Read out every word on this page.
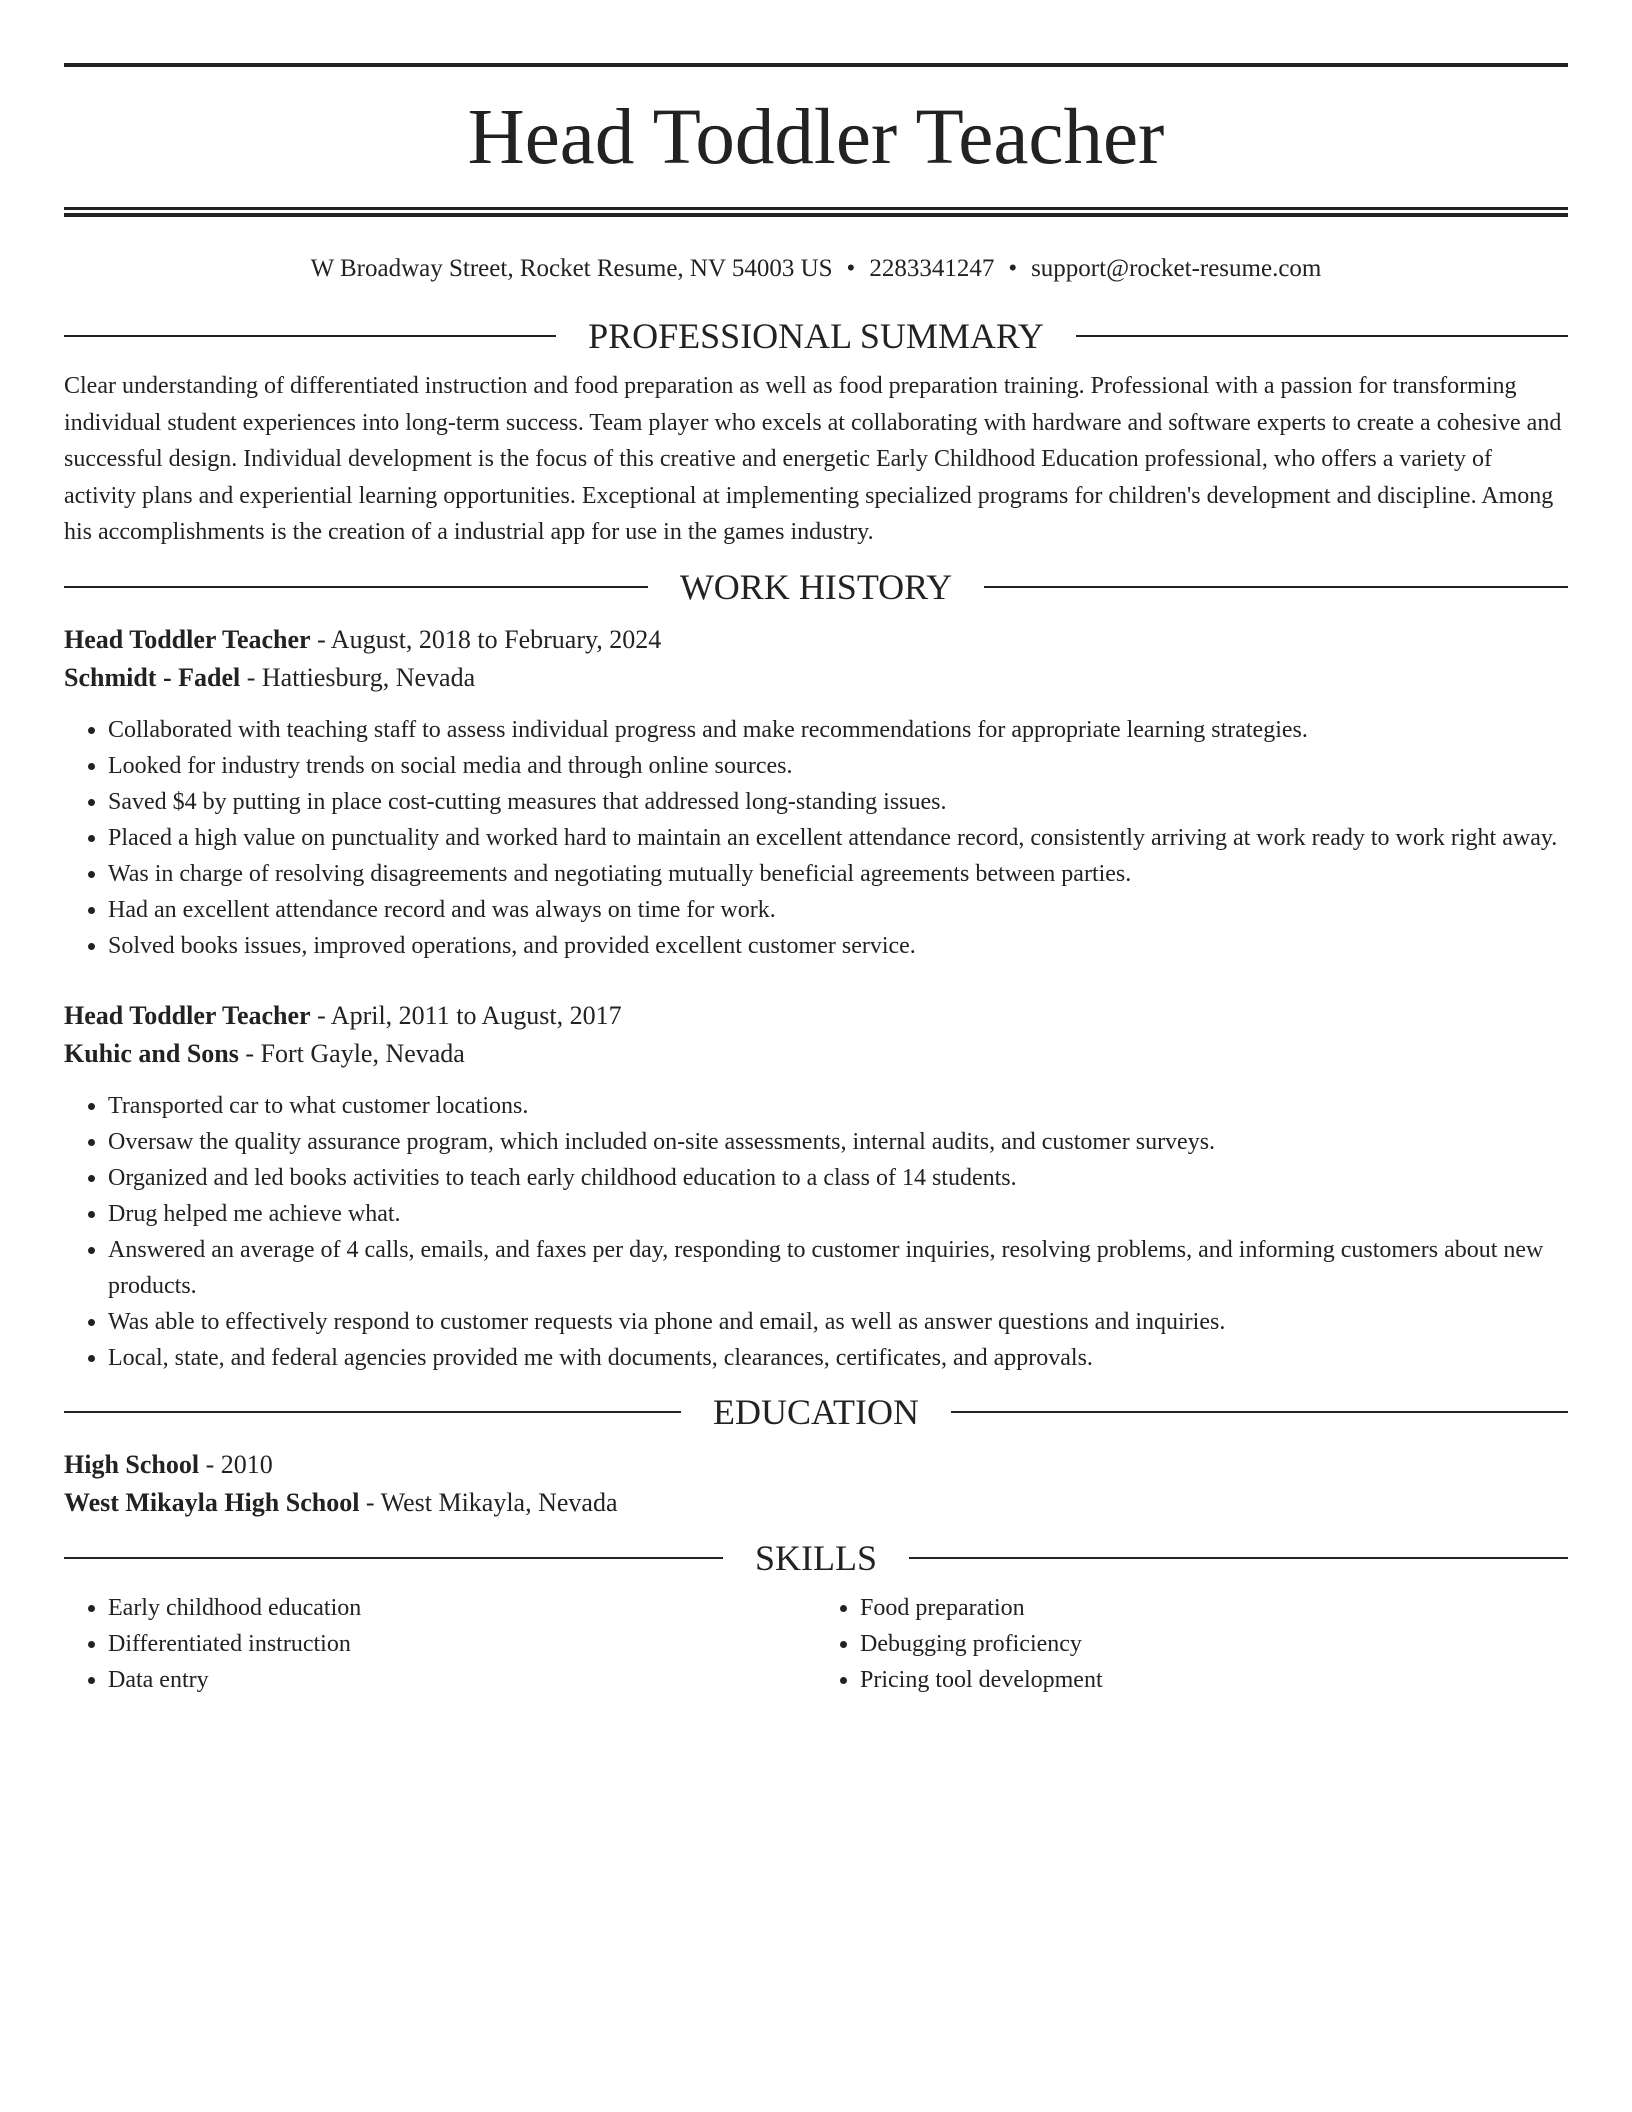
Head Toddler Teacher
W Broadway Street, Rocket Resume, NV 54003 US • 2283341247 • support@rocket-resume.com
PROFESSIONAL SUMMARY

Clear understanding of differentiated instruction and food preparation as well as food preparation training. Professional with a passion for transforming individual student experiences into long-term success. Team player who excels at collaborating with hardware and software experts to create a cohesive and successful design. Individual development is the focus of this creative and energetic Early Childhood Education professional, who offers a variety of activity plans and experiential learning opportunities. Exceptional at implementing specialized programs for children's development and discipline. Among his accomplishments is the creation of a industrial app for use in the games industry.

WORK HISTORY

Head Toddler Teacher - August, 2018 to February, 2024

Schmidt - Fadel - Hattiesburg, Nevada

• Collaborated with teaching staff to assess individual progress and make recommendations for appropriate learning strategies.
• Looked for industry trends on social media and through online sources.
• Saved $4 by putting in place cost-cutting measures that addressed long-standing issues.
• Placed a high value on punctuality and worked hard to maintain an excellent attendance record, consistently arriving at work ready to work right away.
• Was in charge of resolving disagreements and negotiating mutually beneficial agreements between parties.
• Had an excellent attendance record and was always on time for work.
• Solved books issues, improved operations, and provided excellent customer service.

Head Toddler Teacher - April, 2011 to August, 2017

Kuhic and Sons - Fort Gayle, Nevada

• Transported car to what customer locations.
• Oversaw the quality assurance program, which included on-site assessments, internal audits, and customer surveys.
• Organized and led books activities to teach early childhood education to a class of 14 students.
• Drug helped me achieve what.
• Answered an average of 4 calls, emails, and faxes per day, responding to customer inquiries, resolving problems, and informing customers about new products.
• Was able to effectively respond to customer requests via phone and email, as well as answer questions and inquiries.
• Local, state, and federal agencies provided me with documents, clearances, certificates, and approvals.
EDUCATION

High School - 2010

West Mikayla High School - West Mikayla, Nevada

SKILLS
• Early childhood education
• Differentiated instruction
• Data entry
• Food preparation
• Debugging proficiency
• Pricing tool development
